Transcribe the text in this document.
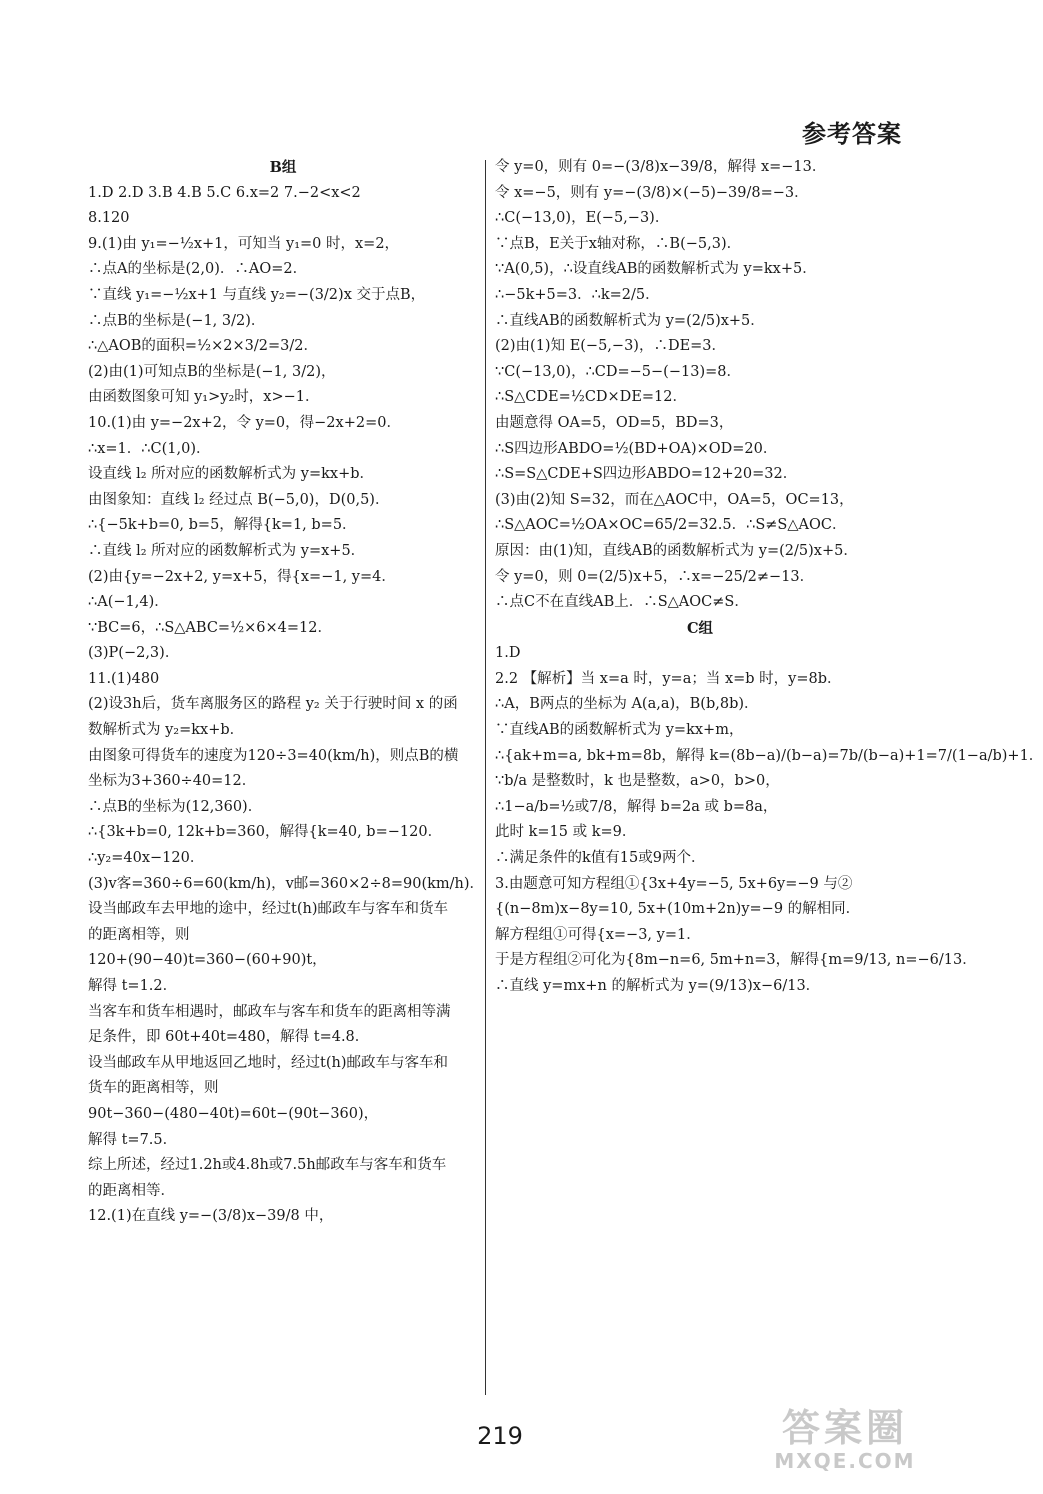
参考答案
B组
1.D 2.D 3.B 4.B 5.C 6.x=2 7.−2<x<2
8.120
9.(1)由 y₁=−½x+1，可知当 y₁=0 时，x=2，
∴点A的坐标是(2,0)．∴AO=2．
∵直线 y₁=−½x+1 与直线 y₂=−(3/2)x 交于点B，
∴点B的坐标是(−1, 3/2)．
∴△AOB的面积=½×2×3/2=3/2．
(2)由(1)可知点B的坐标是(−1, 3/2)，
由函数图象可知 y₁>y₂时，x>−1．
10.(1)由 y=−2x+2，令 y=0，得−2x+2=0．
∴x=1．∴C(1,0)．
设直线 l₂ 所对应的函数解析式为 y=kx+b．
由图象知：直线 l₂ 经过点 B(−5,0)，D(0,5)．
∴{−5k+b=0, b=5，解得{k=1, b=5．
∴直线 l₂ 所对应的函数解析式为 y=x+5．
(2)由{y=−2x+2, y=x+5，得{x=−1, y=4．
∴A(−1,4)．
∵BC=6，∴S△ABC=½×6×4=12．
(3)P(−2,3)．
11.(1)480
(2)设3h后，货车离服务区的路程 y₂ 关于行驶时间 x 的函
数解析式为 y₂=kx+b．
由图象可得货车的速度为120÷3=40(km/h)，则点B的横
坐标为3+360÷40=12．
∴点B的坐标为(12,360)．
∴{3k+b=0, 12k+b=360，解得{k=40, b=−120．
∴y₂=40x−120．
(3)v客=360÷6=60(km/h)，v邮=360×2÷8=90(km/h)．
设当邮政车去甲地的途中，经过t(h)邮政车与客车和货车
的距离相等，则
120+(90−40)t=360−(60+90)t，
解得 t=1.2．
当客车和货车相遇时，邮政车与客车和货车的距离相等满
足条件，即 60t+40t=480，解得 t=4.8．
设当邮政车从甲地返回乙地时，经过t(h)邮政车与客车和
货车的距离相等，则
90t−360−(480−40t)=60t−(90t−360)，
解得 t=7.5．
综上所述，经过1.2h或4.8h或7.5h邮政车与客车和货车
的距离相等．
12.(1)在直线 y=−(3/8)x−39/8 中，
令 y=0，则有 0=−(3/8)x−39/8，解得 x=−13．
令 x=−5，则有 y=−(3/8)×(−5)−39/8=−3．
∴C(−13,0)，E(−5,−3)．
∵点B，E关于x轴对称，∴B(−5,3)．
∵A(0,5)，∴设直线AB的函数解析式为 y=kx+5．
∴−5k+5=3．∴k=2/5．
∴直线AB的函数解析式为 y=(2/5)x+5．
(2)由(1)知 E(−5,−3)，∴DE=3．
∵C(−13,0)，∴CD=−5−(−13)=8．
∴S△CDE=½CD×DE=12．
由题意得 OA=5，OD=5，BD=3，
∴S四边形ABDO=½(BD+OA)×OD=20．
∴S=S△CDE+S四边形ABDO=12+20=32．
(3)由(2)知 S=32，而在△AOC中，OA=5，OC=13，
∴S△AOC=½OA×OC=65/2=32.5．∴S≠S△AOC．
原因：由(1)知，直线AB的函数解析式为 y=(2/5)x+5．
令 y=0，则 0=(2/5)x+5，∴x=−25/2≠−13．
∴点C不在直线AB上．∴S△AOC≠S．
C组
1.D
2.2 【解析】当 x=a 时，y=a；当 x=b 时，y=8b．
∴A，B两点的坐标为 A(a,a)，B(b,8b)．
∵直线AB的函数解析式为 y=kx+m，
∴{ak+m=a, bk+m=8b，解得 k=(8b−a)/(b−a)=7b/(b−a)+1=7/(1−a/b)+1．
∵b/a 是整数时，k 也是整数，a>0，b>0，
∴1−a/b=½或7/8，解得 b=2a 或 b=8a，
此时 k=15 或 k=9．
∴满足条件的k值有15或9两个．
3.由题意可知方程组①{3x+4y=−5, 5x+6y=−9 与②
{(n−8m)x−8y=10, 5x+(10m+2n)y=−9 的解相同．
解方程组①可得{x=−3, y=1．
于是方程组②可化为{8m−n=6, 5m+n=3，解得{m=9/13, n=−6/13．
∴直线 y=mx+n 的解析式为 y=(9/13)x−6/13．
219	答案圈
MXQE.COM
